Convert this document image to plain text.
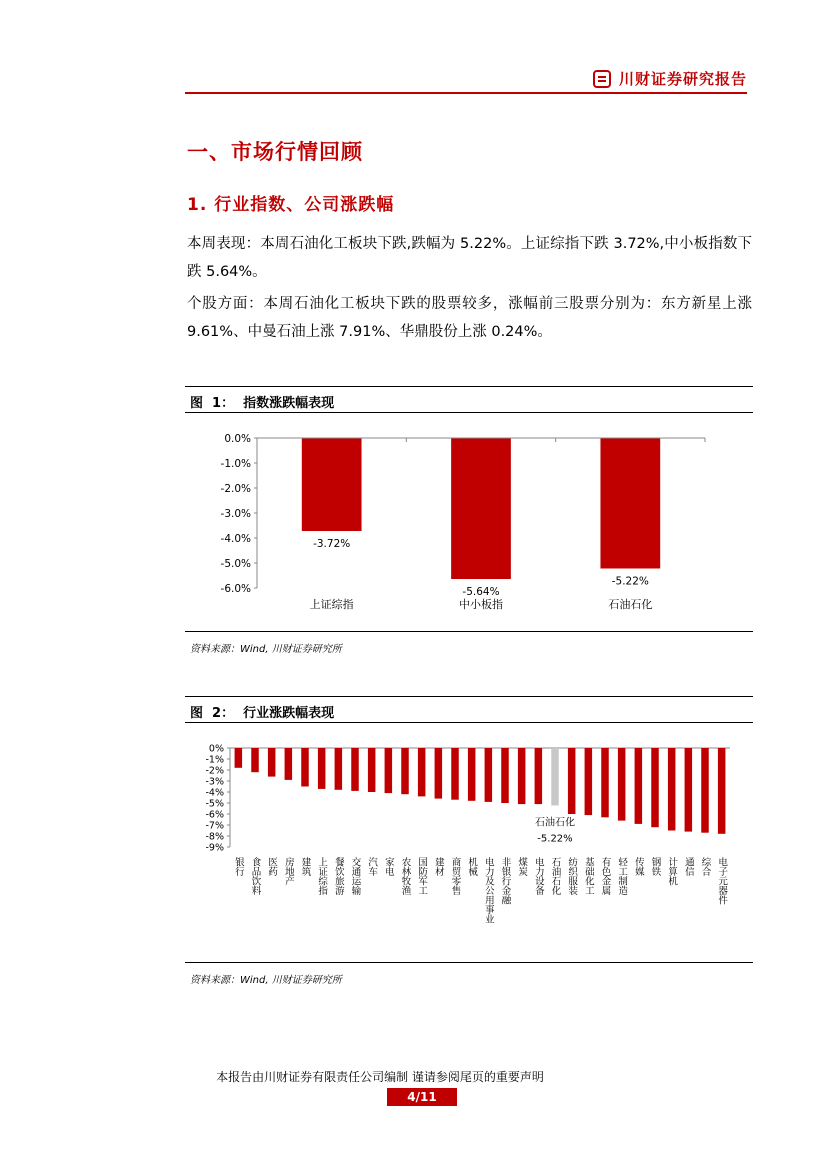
川财证券研究报告
一、市场行情回顾
1. 行业指数、公司涨跌幅
本周表现：本周石油化工板块下跌,跌幅为 5.22%。上证综指下跌 3.72%,中小板指数下跌 5.64%。
个股方面：本周石油化工板块下跌的股票较多，涨幅前三股票分别为：东方新星上涨 9.61%、中曼石油上涨 7.91%、华鼎股份上涨 0.24%。
图  1：  指数涨跌幅表现
0.0%
-1.0%
-2.0%
-3.0%
-4.0%
-5.0%
-6.0%
-3.72%
上证综指
-5.64%
中小板指
-5.22%
石油石化
资料来源：Wind, 川财证券研究所
图  2：  行业涨跌幅表现
0%
-1%
-2%
-3%
-4%
-5%
-6%
-7%
-8%
-9%
银行 食品饮料 医药 房地产 建筑 上证综指 餐饮旅游 交通运输 汽车 家电 农林牧渔 国防军工 建材 商贸零售 机械 电力及公用事业 非银行金融 煤炭 电力设备 石油石化
石油石化
-5.22%
纺织服装 基础化工 有色金属 轻工制造 传媒 钢铁 计算机 通信 综合 电子元器件
资料来源：Wind, 川财证券研究所
本报告由川财证券有限责任公司编制 谨请参阅尾页的重要声明
4/11
